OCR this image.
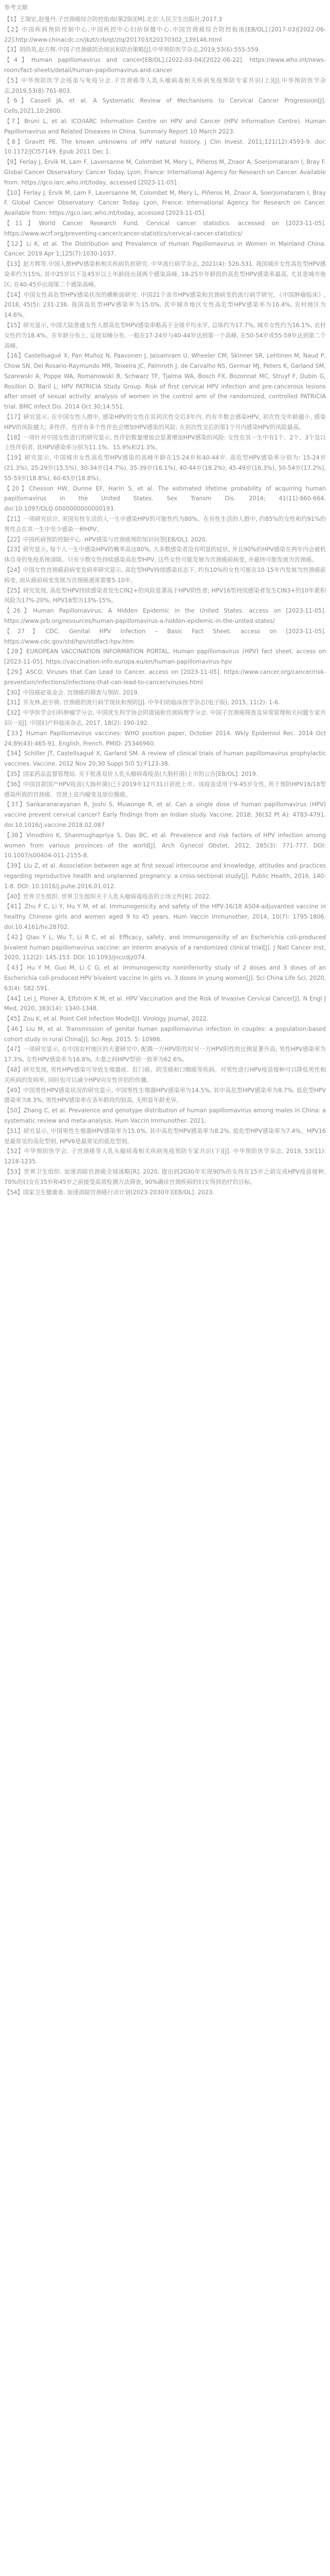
参考文献
【1】王瑞宏,赵曼丹.子宫颈癌综合防控指南(第2版)[M].北京:人民卫生出版社,2017.3
【2】中国疾病预防控制中心,中国疾控中心妇幼保健中心.中国宫颈癌综合防控指南[EB/OL].(2017-03)[2022-06-22].http://www.chinacdc.cn/jkzt/crb/qt/zlq/201703/t20170302_139146.html
【3】胡尚英,赵方辉.中国子宫颈癌防治现状和防治策略[J].中华预防医学杂志,2019,53(6):555-559.
【4】Human papillomavirus and cancer[EB/OL].(2022-03-04)[2022-06-22]. https://www.who.int/news-room/fact-sheets/detail/human-papillomavirus-and-cancer
【5】中华预防医学会疫苗与免疫分会.子宫颈癌等人乳头瘤病毒相关疾病免疫预防专家共识(上)[J].中华预防医学杂志,2019,53(8):761-803.
【6】Cassell JA, et al. A Systematic Review of Mechanisms to Cervical Cancer Progression[J]. Cells,2021,10:2800.
【7】Bruni L, et al. ICO/IARC Information Centre on HPV and Cancer (HPV Information Centre). Human Papillomavirus and Related Diseases in China. Summary Report 10 March 2023.
【8】Gravitt PE. The known unknowns of HPV natural history. J Clin Invest. 2011;121(12):4593-9. doi: 10.1172/JCI57149. Epub 2011 Dec 1.
【9】Ferlay J, Ervik M, Lam F, Laversanne M, Colombet M, Mery L, Piñeros M, Znaor A, Soerjomataram I, Bray F. Global Cancer Observatory: Cancer Today. Lyon, France: International Agency for Research on Cancer. Available from: https://gco.iarc.who.int/today, accessed [2023-11-05].
【10】Ferlay J, Ervik M, Lam F, Laversanne M, Colombet M, Mery L, Piñeros M, Znaor A, Soerjomataram I, Bray F. Global Cancer Observatory: Cancer Today. Lyon, France: International Agency for Research on Cancer. Available from: https://gco.iarc.who.int/today, accessed [2023-11-05].
【11】World Cancer Research Fund. Cervical cancer statistics. accessed on [2023-11-05]. https://www.wcrf.org/preventing-cancer/cancer-statistics/cervical-cancer-statistics/
【12】Li K, et al. The Distribution and Prevalence of Human Papillomavirus in Women in Mainland China. Cancer. 2019 Apr 1;125(7):1030-1037.
【13】赵方辉等.中国人群HPV感染和相关疾病负担研究. 中华流行病学杂志, 2021(4): 526-531. 我国城市女性高危型HPV感染率约为15%, 其中25岁以下及45岁以上年龄段出现两个感染高峰, 18-25岁年龄段的高危型HPV感染率最高, 尤其是城市地区; 在40-45岁出现第二个感染高峰。
【14】中国女性高危型HPV感染状况的横断面研究: 中国21个省市HPV感染和宫颈病变的流行病学研究。《中国肿瘤临床》, 2018, 45(5): 231-236. 我国高危型HPV感染率为15.0%, 其中城市地区女性高危型HPV感染率为16.4%, 农村地区为14.6%。
【15】研究显示, 中国大陆普通女性人群高危型HPV感染率略高于全球平均水平, 总体约为17.7%, 城市女性约为16.1%, 农村女性约为18.4%。在年龄分布上, 呈现双峰分布, 一般在17-24岁与40-44岁达到第一个高峰, 在50-54岁或55-59岁达到第二个高峰。
【16】Castellsagué X, Pan Muñoz N, Paavonen J, Jaisamrarn U, Wheeler CM, Skinner SR, Lehtinen M, Naud P, Chow SN, Del Rosario-Raymundo MR, Teixeira JC, Palmroth J, de Carvalho NS, Germar MJ, Peters K, Garland SM, Szarewski A, Poppe WA, Romanowski B, Schwarz TF, Tjalma WA, Bosch FX, Bozonnat MC, Struyf F, Dubin G, Rosillon D, Baril L; HPV PATRICIA Study Group. Risk of first cervical HPV infection and pre-cancerous lesions after onset of sexual activity: analysis of women in the control arm of the randomized, controlled PATRICIA trial. BMC Infect Dis. 2014 Oct 30;14:551.
【17】研究显示, 在中国女性人群中, 感染HPV的女性在其初次性交后3年内, 约有半数会感染HPV, 初次性交年龄越小, 感染HPV的风险越大; 多性伴、性伴有多个性伴也会增加HPV感染的风险; 在初次性交后的第1个月内感染HPV的风险最高。
【18】一项针对中国女性进行的研究显示, 性伴侣数量增加会显著增加HPV感染的风险: 女性在其一生中有1个、2个、3个及以上性伴侣者, 其HPV感染率分别为11.1%、15.9%和21.3%。
【19】研究显示, 中国城市女性高危型HPV感染的高峰年龄在15-24岁和40-44岁, 高危型HPV感染率分别为: 15-24岁(21.3%), 25-29岁(15.5%), 30-34岁(14.7%), 35-39岁(16.1%), 40-44岁(18.2%), 45-49岁(16.3%), 50-54岁(17.2%), 55-59岁(18.8%), 60-65岁(18.8%)。
【20】Chesson HW, Dunne EF, Hariri S, et al. The estimated lifetime probability of acquiring human papillomavirus in the United States. Sex Transm Dis. 2014; 41(11):660-664. doi:10.1097/OLQ.0000000000000193.
【21】一项研究估计, 美国有性生活的人一生中感染HPV的可能性约为80%。在有性生活的人群中, 约85%的女性和约91%的男性会在其一生中至少感染一种HPV。
【22】中国疾病预防控制中心. HPV感染与宫颈癌预防知识问答[EB/OL]. 2020.
【23】研究显示, 每个人一生中感染HPV的概率高达80%, 大多数感染者没有明显的症状, 并且90%的HPV感染在两年内会被机体自身的免疫系统清除。只有少数女性持续感染高危型HPV, 这些女性可能发展为宫颈癌前病变, 并最终可能发展为宫颈癌。
【24】中国女性宫颈癌前病变发病率研究显示, 高危型HPV持续感染状态下, 约有10%的女性可能在10-15年内发展为宫颈癌前病变, 而从癌前病变发展为宫颈癌通常需要5-10年。
【25】研究发现, 高危型HPV持续感染者发生CIN2+的风险显著高于HPV阴性者; HPV16型持续感染者发生CIN3+的10年累积风险为17%-20%, HPV18型为13%-15%。
【26】Human Papillomavirus: A Hidden Epidemic in the United States. access on [2023-11-05]. https://www.prb.org/resources/human-papillomavirus-a-hidden-epidemic-in-the-united-states/
【27】CDC. Genital HPV Infection – Basic Fact Sheet. access on [2023-11-05]. https://www.cdc.gov/std/hpv/stdfact-hpv.htm
【28】EUROPEAN VACCINATION INFORMATION PORTAL. Human papillomavirus (HPV) fact sheet. access on [2023-11-05]. https://vaccination-info.europa.eu/en/human-papillomavirus-hpv
【29】ASCO. Viruses that Can Lead to Cancer. access on [2023-11-05]. https://www.cancer.org/cancer/risk-prevention/infections/infections-that-can-lead-to-cancer/viruses.html
【30】中国癌症基金会. 宫颈癌的筛查与预防. 2019.
【31】乔友林,赵宇倩. 宫颈癌的流行病学现状和预防[J]. 中华妇幼临床医学杂志(电子版), 2015, 11(2): 1-6.
【32】中华医学会妇科肿瘤学分会, 中国优生科学协会阴道镜和宫颈病理学分会. 中国子宫颈癌筛查及异常管理相关问题专家共识(一)[J]. 中国妇产科临床杂志, 2017, 18(2): 190-192.
【33】Human Papillomavirus vaccines: WHO position paper, October 2014. Wkly Epidemiol Rec. 2014 Oct 24;89(43):465-91. English, French. PMID: 25346960.
【34】Schiller JT, Castellsagué X, Garland SM. A review of clinical trials of human papillomavirus prophylactic vaccines. Vaccine. 2012 Nov 20;30 Suppl 5(0 5):F123-38.
【35】国家药品监督管理局. 关于批准双价人乳头瘤病毒疫苗(大肠杆菌)上市的公告[EB/OL]. 2019.
【36】中国首款国产HPV疫苗(大肠杆菌)已于2019年12月31日获批上市。该疫苗适用于9-45岁女性, 用于预防HPV16/18型感染所致的宫颈癌、宫颈上皮内瘤变及原位腺癌。
【37】Sankaranarayanan R, Joshi S, Muwonge R, et al. Can a single dose of human papillomavirus (HPV) vaccine prevent cervical cancer? Early findings from an Indian study. Vaccine. 2018; 36(32 Pt A): 4783-4791. doi:10.1016/j.vaccine.2018.02.087
【38】Vinodhini K, Shanmughapriya S, Das BC, et al. Prevalence and risk factors of HPV infection among women from various provinces of the world[J]. Arch Gynecol Obstet, 2012, 285(3): 771-777. DOI: 10.1007/s00404-011-2155-8.
【39】Liu Z, et al. Association between age at first sexual intercourse and knowledge, attitudes and practices regarding reproductive health and unplanned pregnancy: a cross-sectional study[J]. Public Health, 2016, 140: 1-8. DOI: 10.1016/j.puhe.2016.01.012.
【40】世界卫生组织. 世界卫生组织关于人乳头瘤病毒疫苗的立场文件[R]. 2022.
【41】Zhu F C, Li Y, Hu Y M, et al. Immunogenicity and safety of the HPV-16/18 AS04-adjuvanted vaccine in healthy Chinese girls and women aged 9 to 45 years. Hum Vaccin Immunother, 2014, 10(7): 1795-1806. doi:10.4161/hv.28702.
【42】Qiao Y L, Wu T, Li R C, et al. Efficacy, safety, and immunogenicity of an Escherichia coli-produced bivalent human papillomavirus vaccine: an interim analysis of a randomized clinical trial[J]. J Natl Cancer Inst, 2020, 112(2): 145-153. DOI: 10.1093/jnci/djz074.
【43】Hu Y M, Guo M, Li C G, et al. Immunogenicity noninferiority study of 2 doses and 3 doses of an Escherichia coli-produced HPV bivalent vaccine in girls vs. 3 doses in young women[J]. Sci China Life Sci, 2020, 63(4): 582-591.
【44】Lei J, Ploner A, Elfström K M, et al. HPV Vaccination and the Risk of Invasive Cervical Cancer[J]. N Engl J Med, 2020, 383(14): 1340-1348.
【45】Zou K, et al. Point Cell Infection Model[J]. Virology Journal, 2022.
【46】Liu M, et al. Transmission of genital human papillomavirus infection in couples: a population-based cohort study in rural China[J]. Sci Rep, 2015, 5: 10986.
【47】一项研究显示, 在中国农村地区的夫妻研究中, 配偶一方HPV阳性时另一方HPV阳性的比例显著升高; 男性HPV感染率为17.3%, 女性HPV感染率为16.8%, 夫妻之间HPV型别一致率为62.6%。
【48】研究发现, 男性HPV感染可导致生殖器疣、肛门癌、阴茎癌和口咽癌等疾病。对男性进行HPV疫苗接种可以降低男性相关疾病的发病率, 同时也可以减少HPV向女性伴侣的传播。
【49】中国男性HPV感染状况的研究显示, 中国男性生殖器HPV感染率为14.5%, 其中高危型HPV感染率为8.7%, 低危型HPV感染率为8.3%; 男性HPV感染率在各年龄段均较高, 无明显年龄差异。
【50】Zhang C, et al. Prevalence and genotype distribution of human papillomavirus among males in China: a systematic review and meta-analysis. Hum Vaccin Immunother. 2021.
【51】研究显示, 中国男性生殖器HPV感染率为15.0%, 其中高危型HPV感染率为8.2%, 低危型HPV感染率为7.4%。HPV16是最常见的高危型别, HPV6是最常见的低危型别。
【52】中华预防医学会. 子宫颈癌等人乳头瘤病毒相关疾病免疫预防专家共识(下)[J]. 中华预防医学杂志, 2019, 53(11): 1218-1235.
【53】世界卫生组织. 加速消除宫颈癌全球战略[R]. 2020. 提出到2030年实现90%的女孩在15岁之前完成HPV疫苗接种, 70%的妇女在35岁和45岁之前接受高效检测方法筛查, 90%确诊宫颈疾病的妇女得到治疗的目标。
【54】国家卫生健康委. 加速消除宫颈癌行动计划(2023-2030年)[EB/OL]. 2023.
